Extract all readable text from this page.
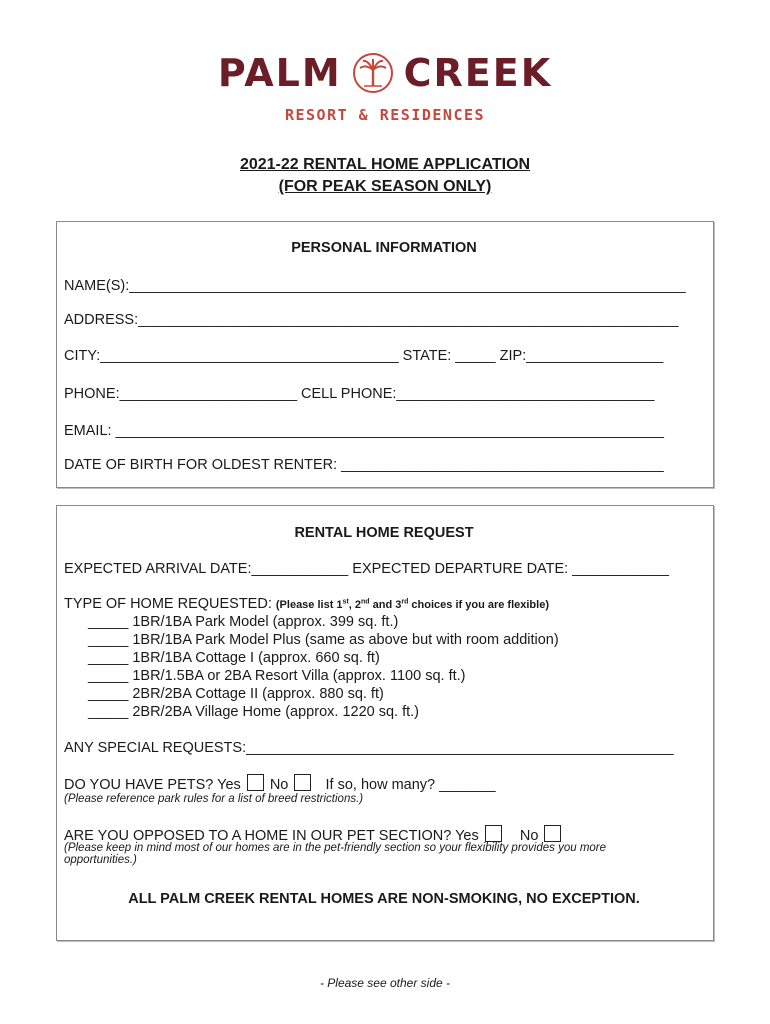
PALM CREEK
RESORT & RESIDENCES
2021-22 RENTAL HOME APPLICATION
(FOR PEAK SEASON ONLY)
PERSONAL INFORMATION
NAME(S):_____________________________________________________________________
ADDRESS:___________________________________________________________________
CITY:_____________________________________ STATE: _____ ZIP:_________________
PHONE:______________________ CELL PHONE:________________________________
EMAIL: ____________________________________________________________________
DATE OF BIRTH FOR OLDEST RENTER: ________________________________________
RENTAL HOME REQUEST
EXPECTED ARRIVAL DATE:____________ EXPECTED DEPARTURE DATE: ____________
TYPE OF HOME REQUESTED: (Please list 1st, 2nd and 3rd choices if you are flexible)
_____ 1BR/1BA Park Model (approx. 399 sq. ft.)
_____ 1BR/1BA Park Model Plus (same as above but with room addition)
_____ 1BR/1BA Cottage I (approx. 660 sq. ft)
_____ 1BR/1.5BA or 2BA Resort Villa (approx. 1100 sq. ft.)
_____ 2BR/2BA Cottage II (approx. 880 sq. ft)
_____ 2BR/2BA Village Home (approx. 1220 sq. ft.)
ANY SPECIAL REQUESTS:_____________________________________________________
DO YOU HAVE PETS? Yes No	If so, how many? _______
(Please reference park rules for a list of breed restrictions.)
ARE YOU OPPOSED TO A HOME IN OUR PET SECTION? Yes	No
(Please keep in mind most of our homes are in the pet-friendly section so your flexibility provides you more opportunities.)
ALL PALM CREEK RENTAL HOMES ARE NON-SMOKING, NO EXCEPTION.
- Please see other side -
